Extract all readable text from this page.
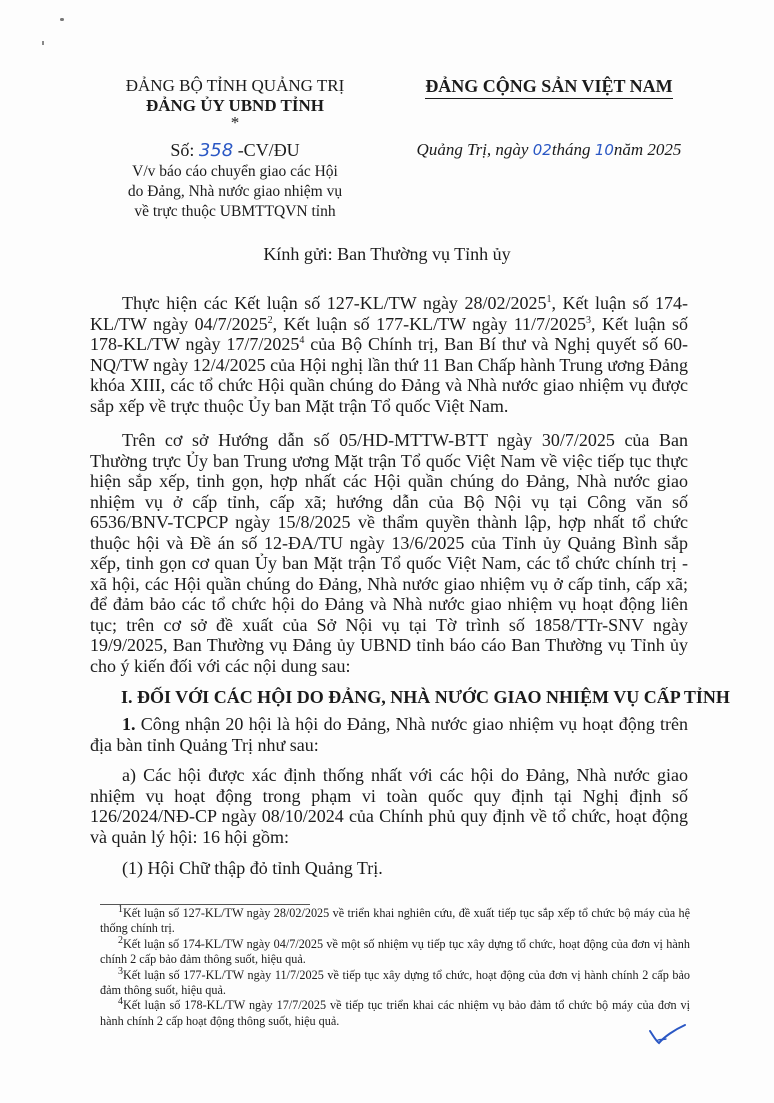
ĐẢNG BỘ TỈNH QUẢNG TRỊ
ĐẢNG ỦY UBND TỈNH
*
Số: 358 -CV/ĐU
V/v báo cáo chuyển giao các Hội
do Đảng, Nhà nước giao nhiệm vụ
về trực thuộc UBMTTQVN tỉnh
ĐẢNG CỘNG SẢN VIỆT NAM
Quảng Trị, ngày 02tháng 10năm 2025
Kính gửi: Ban Thường vụ Tỉnh ủy

Thực hiện các Kết luận số 127-KL/TW ngày 28/02/2025$^1$, Kết luận số 174-KL/TW ngày 04/7/2025$^2$, Kết luận số 177-KL/TW ngày 11/7/2025$^3$, Kết luận số 178-KL/TW ngày 17/7/2025$^4$ của Bộ Chính trị, Ban Bí thư và Nghị quyết số 60-NQ/TW ngày 12/4/2025 của Hội nghị lần thứ 11 Ban Chấp hành Trung ương Đảng khóa XIII, các tổ chức Hội quần chúng do Đảng và Nhà nước giao nhiệm vụ được sắp xếp về trực thuộc Ủy ban Mặt trận Tổ quốc Việt Nam.

Trên cơ sở Hướng dẫn số 05/HD-MTTW-BTT ngày 30/7/2025 của Ban Thường trực Ủy ban Trung ương Mặt trận Tổ quốc Việt Nam về việc tiếp tục thực hiện sắp xếp, tinh gọn, hợp nhất các Hội quần chúng do Đảng, Nhà nước giao nhiệm vụ ở cấp tỉnh, cấp xã; hướng dẫn của Bộ Nội vụ tại Công văn số 6536/BNV-TCPCP ngày 15/8/2025 về thẩm quyền thành lập, hợp nhất tổ chức thuộc hội và Đề án số 12-ĐA/TU ngày 13/6/2025 của Tỉnh ủy Quảng Bình sắp xếp, tinh gọn cơ quan Ủy ban Mặt trận Tổ quốc Việt Nam, các tổ chức chính trị - xã hội, các Hội quần chúng do Đảng, Nhà nước giao nhiệm vụ ở cấp tỉnh, cấp xã; để đảm bảo các tổ chức hội do Đảng và Nhà nước giao nhiệm vụ hoạt động liên tục; trên cơ sở đề xuất của Sở Nội vụ tại Tờ trình số 1858/TTr-SNV ngày 19/9/2025, Ban Thường vụ Đảng ủy UBND tỉnh báo cáo Ban Thường vụ Tỉnh ủy cho ý kiến đối với các nội dung sau:

I. ĐỐI VỚI CÁC HỘI DO ĐẢNG, NHÀ NƯỚC GIAO NHIỆM VỤ CẤP TỈNH

1. Công nhận 20 hội là hội do Đảng, Nhà nước giao nhiệm vụ hoạt động trên địa bàn tỉnh Quảng Trị như sau:

a) Các hội được xác định thống nhất với các hội do Đảng, Nhà nước giao nhiệm vụ hoạt động trong phạm vi toàn quốc quy định tại Nghị định số 126/2024/NĐ-CP ngày 08/10/2024 của Chính phủ quy định về tổ chức, hoạt động và quản lý hội: 16 hội gồm:

(1) Hội Chữ thập đỏ tỉnh Quảng Trị.

$^1$Kết luận số 127-KL/TW ngày 28/02/2025 về triển khai nghiên cứu, đề xuất tiếp tục sắp xếp tổ chức bộ máy của hệ thống chính trị.

$^2$Kết luận số 174-KL/TW ngày 04/7/2025 về một số nhiệm vụ tiếp tục xây dựng tổ chức, hoạt động của đơn vị hành chính 2 cấp bảo đảm thông suốt, hiệu quả.

$^3$Kết luận số 177-KL/TW ngày 11/7/2025 về tiếp tục xây dựng tổ chức, hoạt động của đơn vị hành chính 2 cấp bảo đảm thông suốt, hiệu quả.

$^4$Kết luận số 178-KL/TW ngày 17/7/2025 về tiếp tục triển khai các nhiệm vụ bảo đảm tổ chức bộ máy của đơn vị hành chính 2 cấp hoạt động thông suốt, hiệu quả.
